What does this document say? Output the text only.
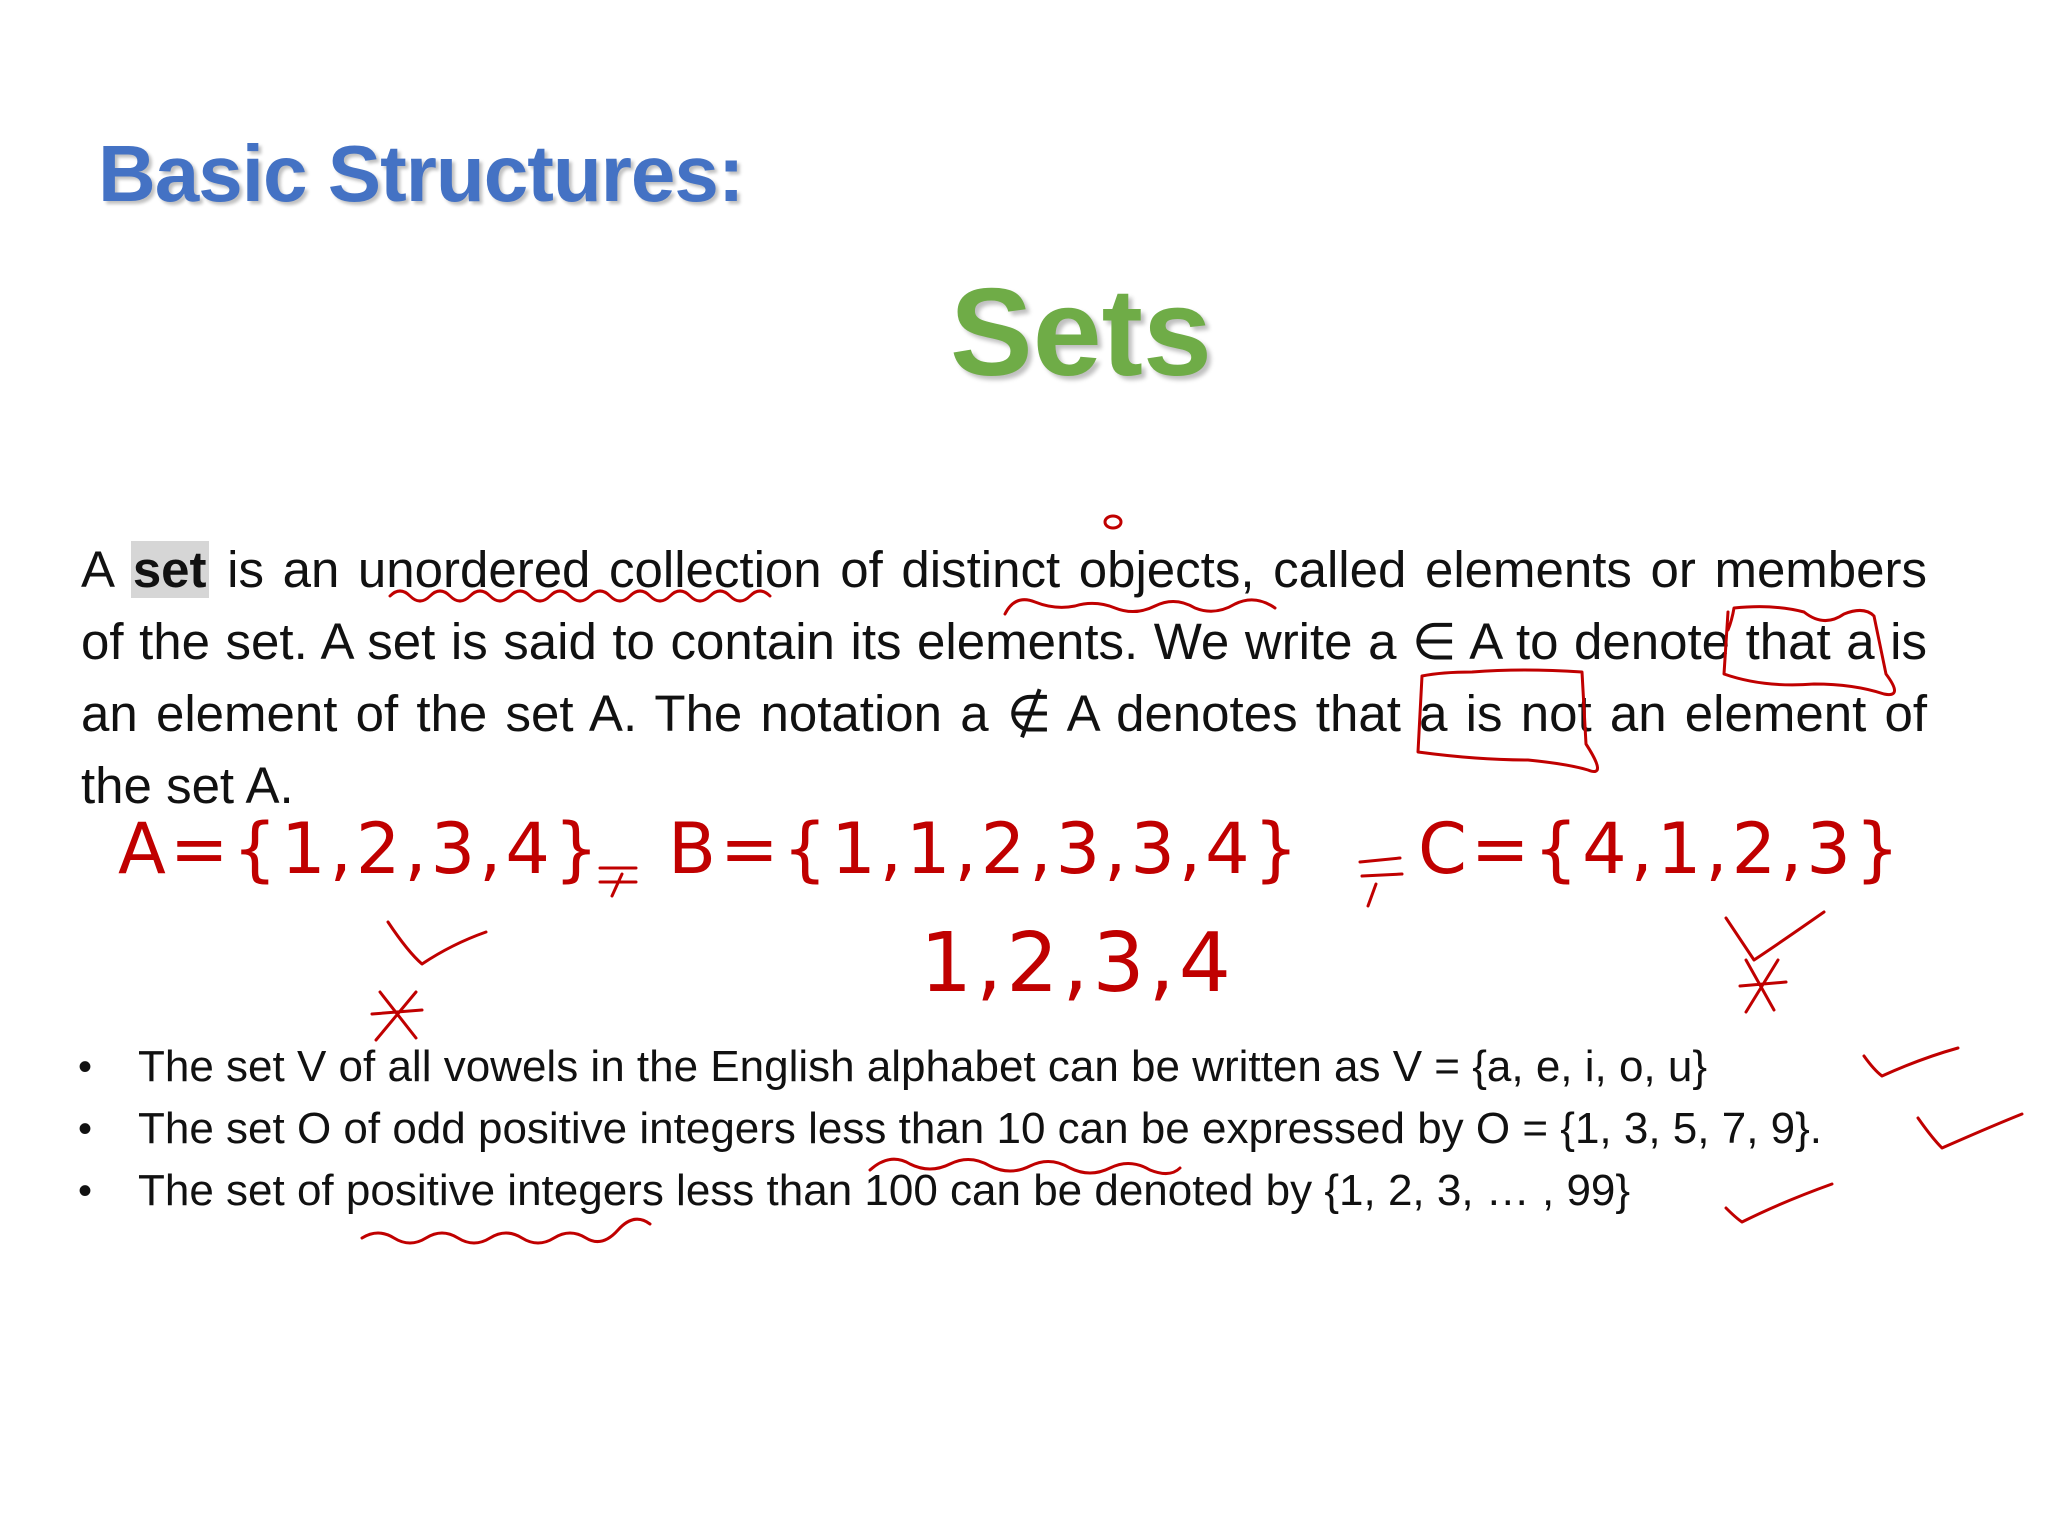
Basic Structures:
Sets

A set is an unordered collection of distinct objects, called elements or members of the set. A set is said to contain its elements. We write a ∈ A to denote that a is an element of the set A. The notation a ∉ A denotes that a is not an element of the set A.

• The set V of all vowels in the English alphabet can be written as V = {a, e, i, o, u}
• The set O of odd positive integers less than 10 can be expressed by O = {1, 3, 5, 7, 9}.
• The set of positive integers less than 100 can be denoted by {1, 2, 3, … , 99}
A={1,2,3,4} B={1,1,2,3,3,4} C={4,1,2,3}
1,2,3,4
